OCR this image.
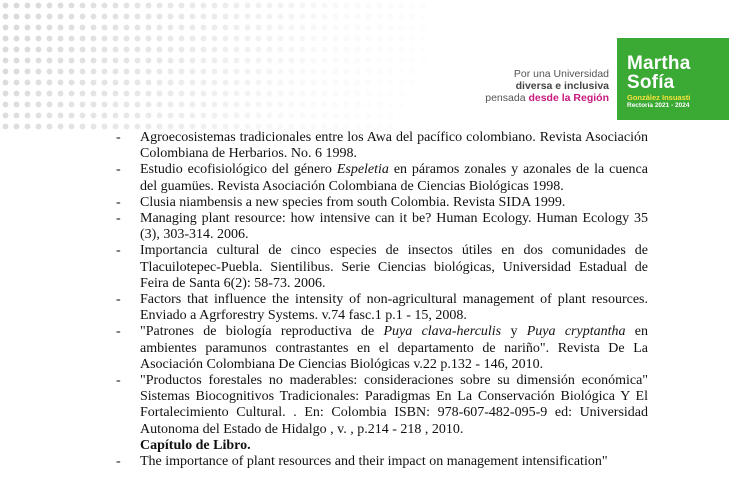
Por una Universidad
diversa e inclusiva
pensada desde la Región
Martha
Sofía
González Insuasti
Rectoría 2021 - 2024
- Agroecosistemas tradicionales entre los Awa del pacífico colombiano. Revista Asociación Colombiana de Herbarios. No. 6 1998.
- Estudio ecofisiológico del género Espeletia en páramos zonales y azonales de la cuenca del guamües. Revista Asociación Colombiana de Ciencias Biológicas 1998.
- Clusia niambensis a new species from south Colombia. Revista SIDA 1999.
- Managing plant resource: how intensive can it be? Human Ecology. Human Ecology 35 (3), 303-314. 2006.
- Importancia cultural de cinco especies de insectos útiles en dos comunidades de Tlacuilotepec-Puebla. Sientilibus. Serie Ciencias biológicas, Universidad Estadual de Feira de Santa 6(2): 58-73. 2006.
- Factors that influence the intensity of non-agricultural management of plant resources. Enviado a Agrforestry Systems. v.74 fasc.1 p.1 - 15, 2008.
- "Patrones de biología reproductiva de Puya clava-herculis y Puya cryptantha en ambientes paramunos contrastantes en el departamento de nariño". Revista De La Asociación Colombiana De Ciencias Biológicas v.22 p.132 - 146, 2010.
- "Productos forestales no maderables: consideraciones sobre su dimensión económica" Sistemas Biocognitivos Tradicionales: Paradigmas En La Conservación Biológica Y El Fortalecimiento Cultural. . En: Colombia ISBN: 978-607-482-095-9 ed: Universidad Autonoma del Estado de Hidalgo , v. , p.214 - 218 , 2010.
Capítulo de Libro.
- The importance of plant resources and their impact on management intensification"
